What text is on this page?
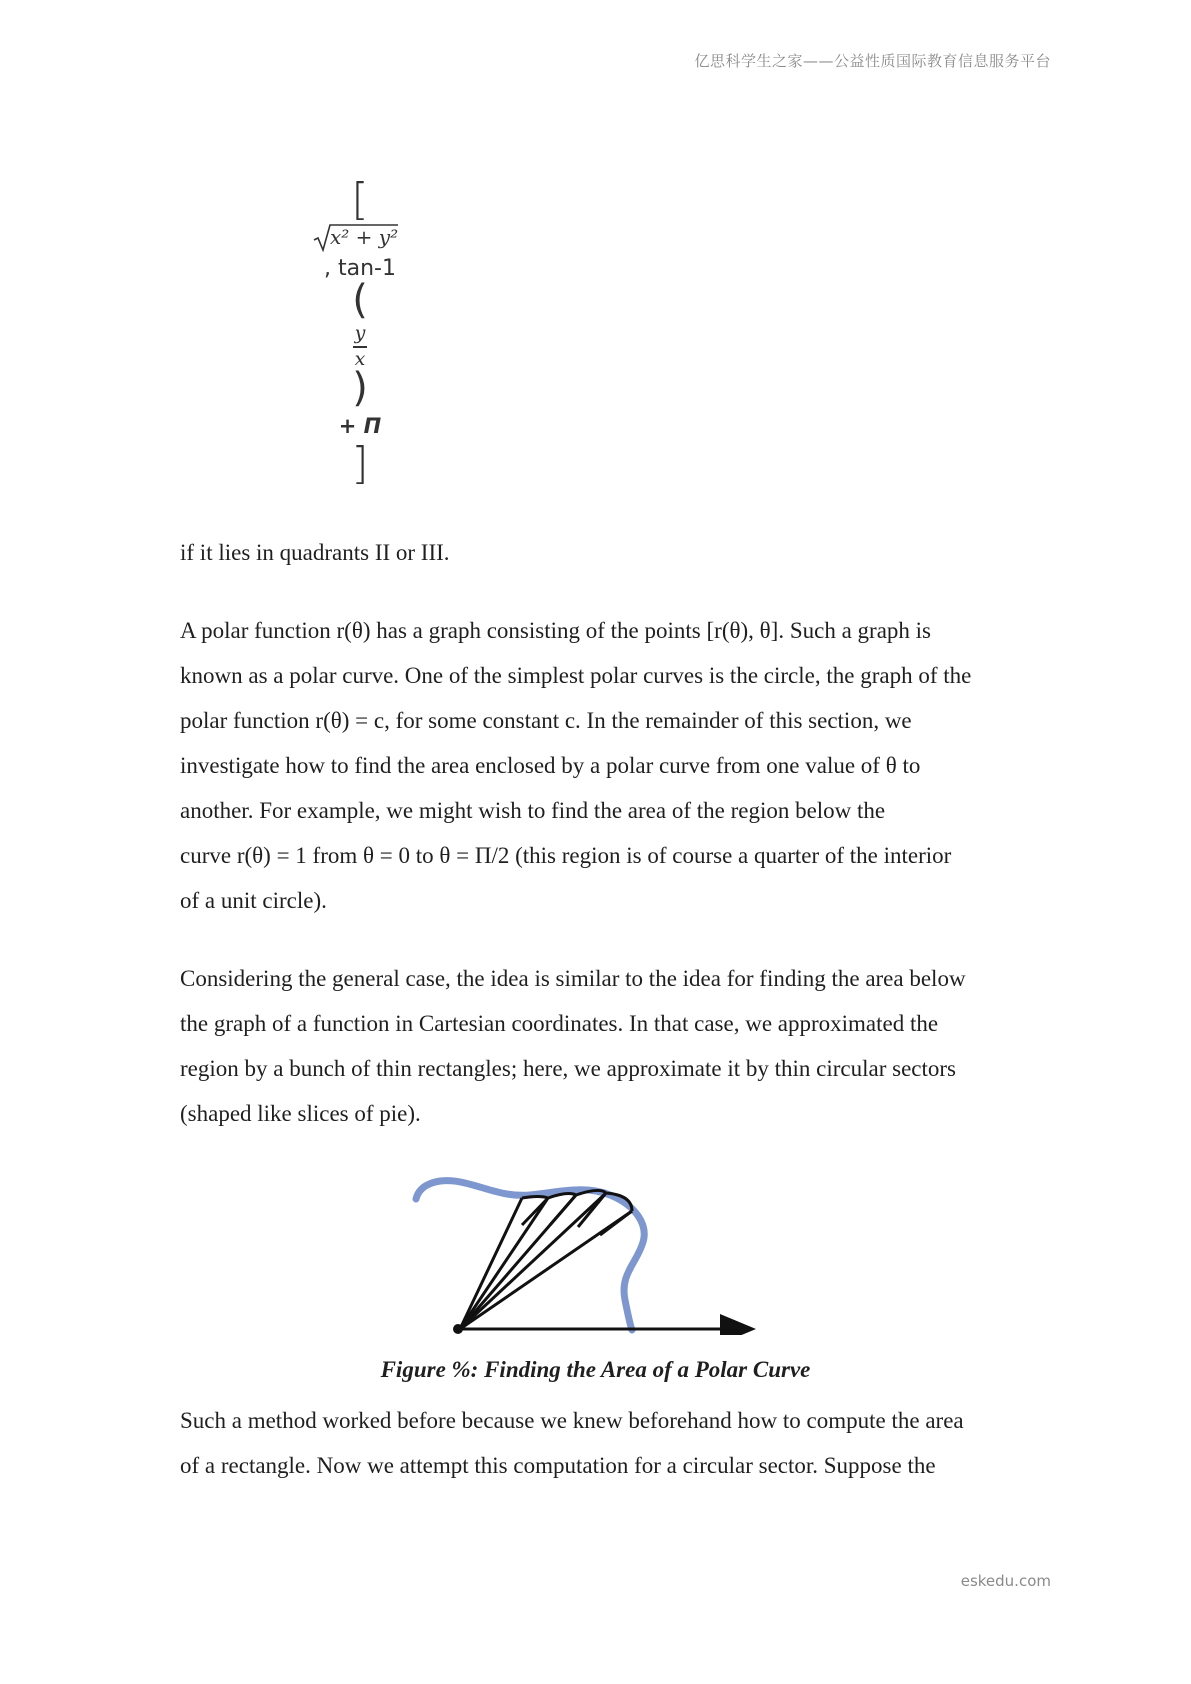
亿思科学生之家——公益性质国际教育信息服务平台
[
x² + y²
, tan-1
(
y
x
)
+ Π
]

if it lies in quadrants II or III.

A polar function r(θ) has a graph consisting of the points [r(θ), θ]. Such a graph is
known as a polar curve. One of the simplest polar curves is the circle, the graph of the
polar function r(θ) = c, for some constant c. In the remainder of this section, we
investigate how to find the area enclosed by a polar curve from one value of θ to
another. For example, we might wish to find the area of the region below the
curve r(θ) = 1 from θ = 0 to θ = Π/2 (this region is of course a quarter of the interior
of a unit circle).
Considering the general case, the idea is similar to the idea for finding the area below
the graph of a function in Cartesian coordinates. In that case, we approximated the
region by a bunch of thin rectangles; here, we approximate it by thin circular sectors
(shaped like slices of pie).

Figure %: Finding the Area of a Polar Curve

Such a method worked before because we knew beforehand how to compute the area
of a rectangle. Now we attempt this computation for a circular sector. Suppose the
eskedu.com
